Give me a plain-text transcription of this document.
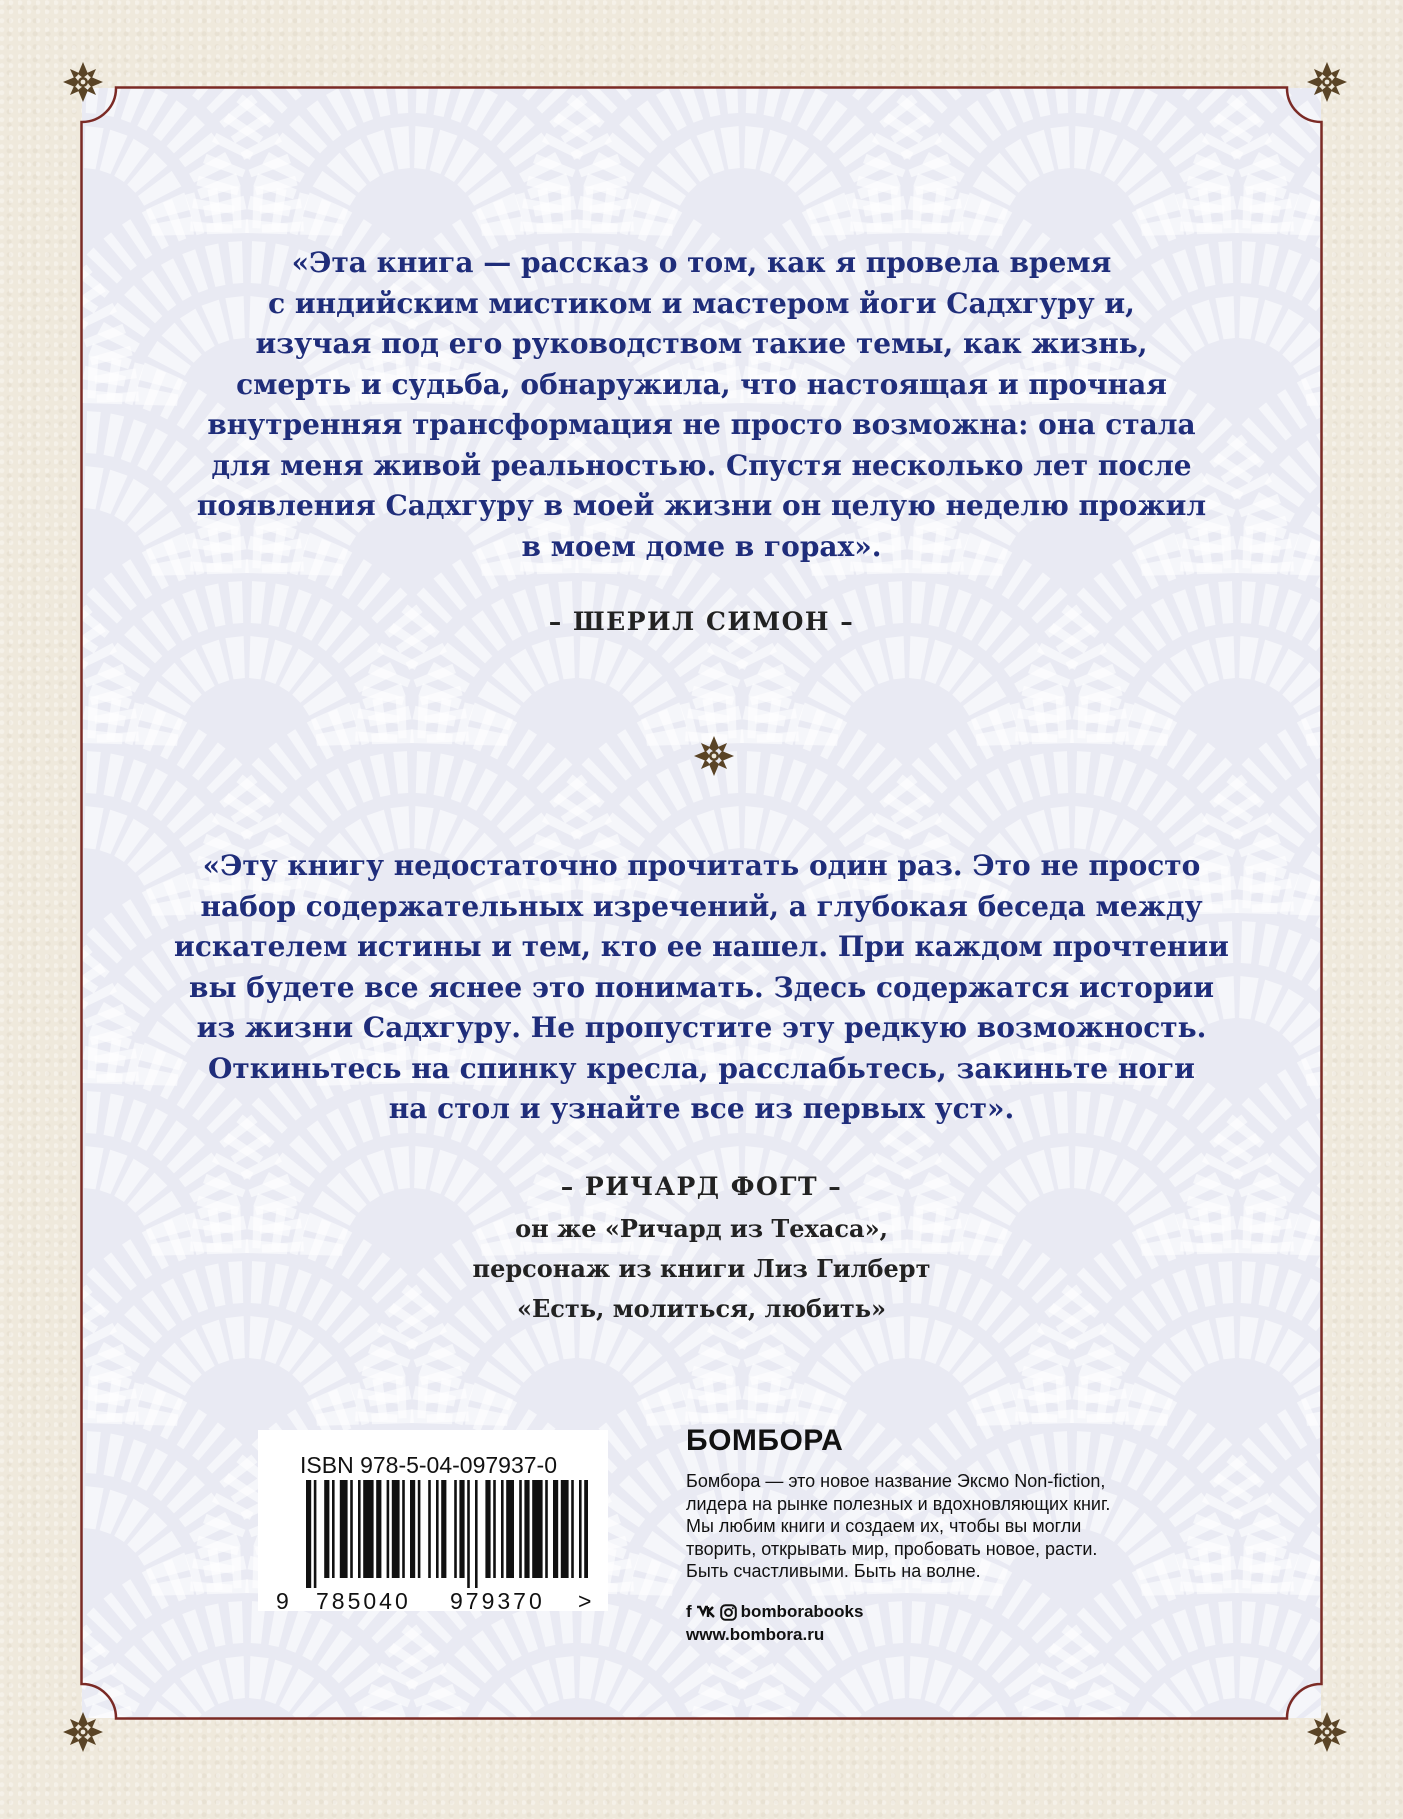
«Эта книга — рассказ о том, как я провела время
с индийским мистиком и мастером йоги Садхгуру и,
изучая под его руководством такие темы, как жизнь,
смерть и судьба, обнаружила, что настоящая и прочная
внутренняя трансформация не просто возможна: она стала
для меня живой реальностью. Спустя несколько лет после
появления Садхгуру в моей жизни он целую неделю прожил
в моем доме в горах».
– ШЕРИЛ СИМОН –
«Эту книгу недостаточно прочитать один раз. Это не просто
набор содержательных изречений, а глубокая беседа между
искателем истины и тем, кто ее нашел. При каждом прочтении
вы будете все яснее это понимать. Здесь содержатся истории
из жизни Садхгуру. Не пропустите эту редкую возможность.
Откиньтесь на спинку кресла, расслабьтесь, закиньте ноги
на стол и узнайте все из первых уст».
– РИЧАРД ФОГТ –
он же «Ричард из Техаса»,
персонаж из книги Лиз Гилберт
«Есть, молиться, любить»
ISBN 978-5-04-097937-0
9 785040 979370 >
БОМБОРА
Бомбора — это новое название Эксмо Non-fiction,
лидера на рынке полезных и вдохновляющих книг.
Мы любим книги и создаем их, чтобы вы могли
творить, открывать мир, пробовать новое, расти.
Быть счастливыми. Быть на волне.
f	bomborabooks
www.bombora.ru
